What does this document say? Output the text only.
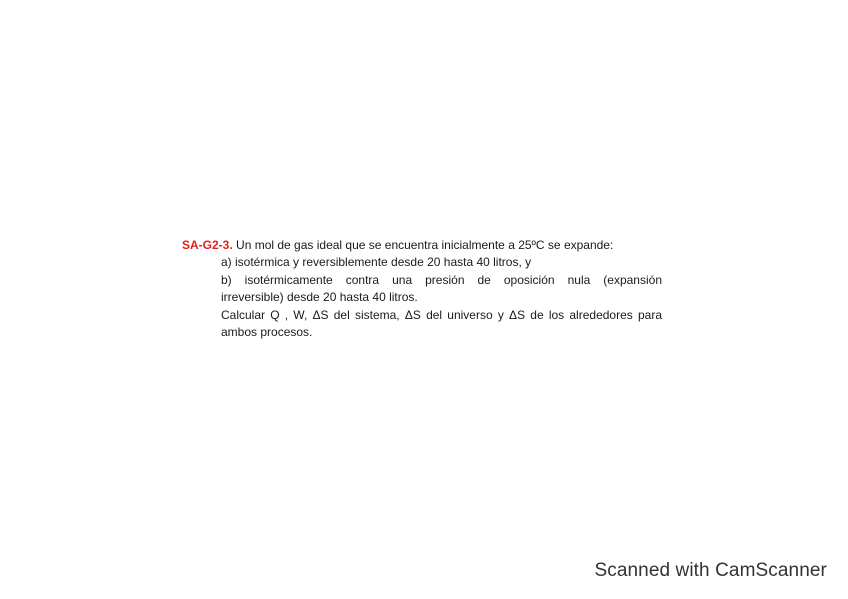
SA-G2-3. Un mol de gas ideal que se encuentra inicialmente a 25ºC se expande:

a) isotérmica y reversiblemente desde 20 hasta 40 litros, y

b) isotérmicamente contra una presión de oposición nula (expansión

irreversible) desde 20 hasta 40 litros.

Calcular Q , W, ΔS del sistema, ΔS del universo y ΔS de los alrededores para

ambos procesos.

Scanned with CamScanner
